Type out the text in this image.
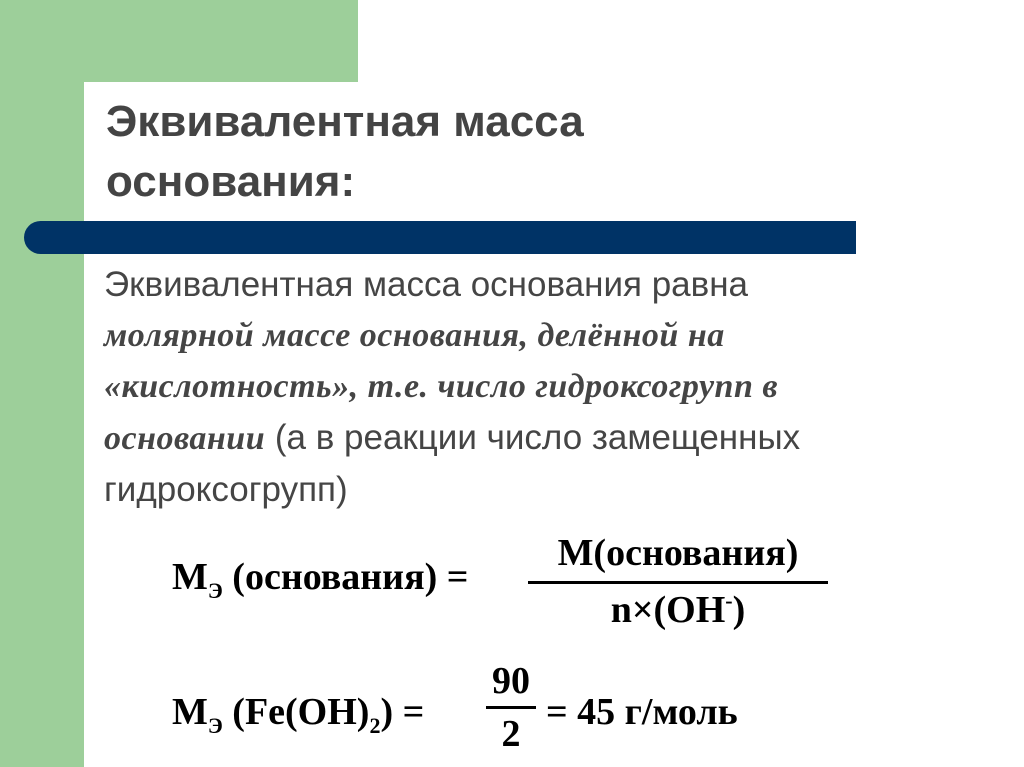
Эквивалентная масса
основания:
Эквивалентная масса основания равна
молярной массе основания, делённой на
«кислотность», т.е. число гидроксогрупп в
основании (а в реакции число замещенных
гидроксогрупп)
$М_Э$ (основания) =
М(основания)
n×(OH-)
$М_Э$ $(Fe(OH)_2)$ =
90
2
= 45 г/моль
